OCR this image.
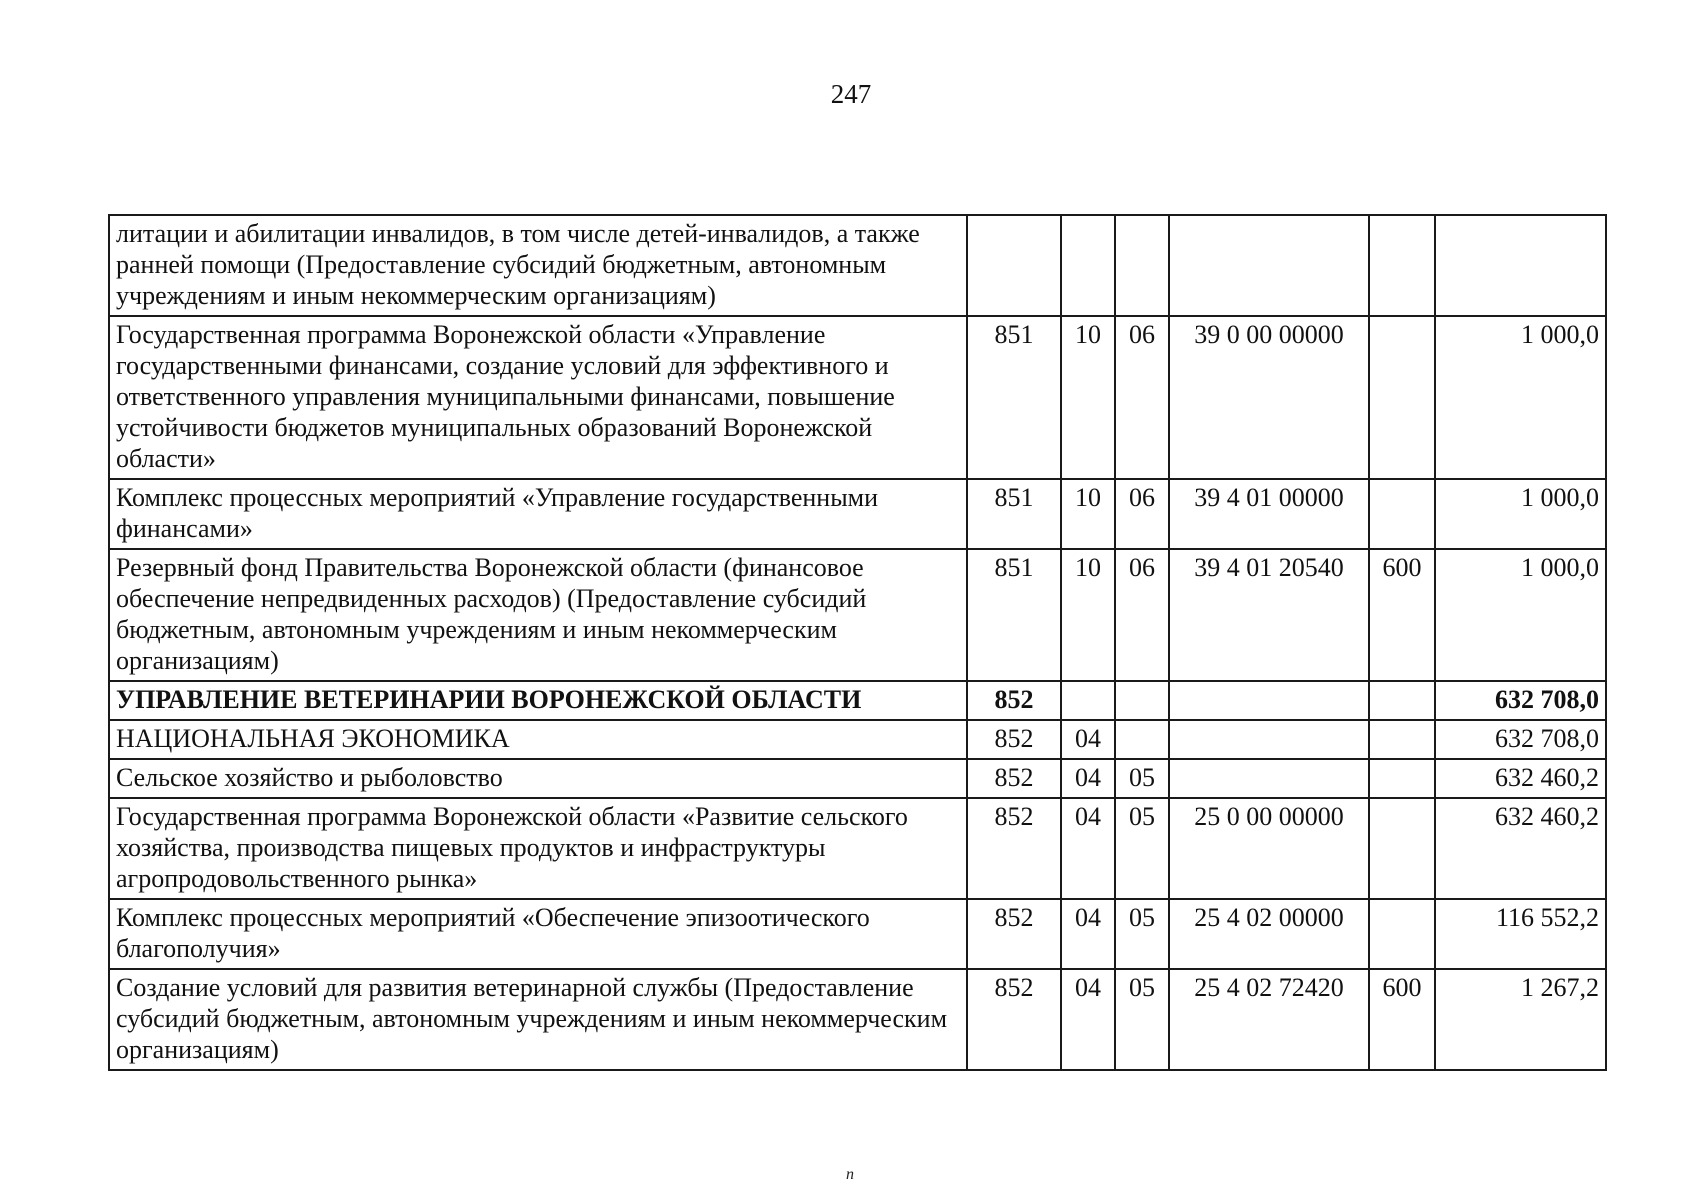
247
литации и абилитации инвалидов, в том числе детей-инвалидов, а также ранней помощи (Предоставление субсидий бюджетным, автономным учреждениям и иным некоммерческим организациям)						
Государственная программа Воронежской области «Управление государственными финансами, создание условий для эффективного и ответственного управления муниципальными финансами, повышение устойчивости бюджетов муниципальных образований Воронежской области»	851	10	06	39 0 00 00000		1 000,0
Комплекс процессных мероприятий «Управление государственными финансами»	851	10	06	39 4 01 00000		1 000,0
Резервный фонд Правительства Воронежской области (финансовое обеспечение непредвиденных расходов) (Предоставление субсидий бюджетным, автономным учреждениям и иным некоммерческим организациям)	851	10	06	39 4 01 20540	600	1 000,0
УПРАВЛЕНИЕ ВЕТЕРИНАРИИ ВОРОНЕЖСКОЙ ОБЛАСТИ	852					632 708,0
НАЦИОНАЛЬНАЯ ЭКОНОМИКА	852	04				632 708,0
Сельское хозяйство и рыболовство	852	04	05			632 460,2
Государственная программа Воронежской области «Развитие сельского хозяйства, производства пищевых продуктов и инфраструктуры агропродовольственного рынка»	852	04	05	25 0 00 00000		632 460,2
Комплекс процессных мероприятий «Обеспечение эпизоотического благополучия»	852	04	05	25 4 02 00000		116 552,2
Создание условий для развития ветеринарной службы (Предоставление субсидий бюджетным, автономным учреждениям и иным некоммерческим организациям)	852	04	05	25 4 02 72420	600	1 267,2
n
